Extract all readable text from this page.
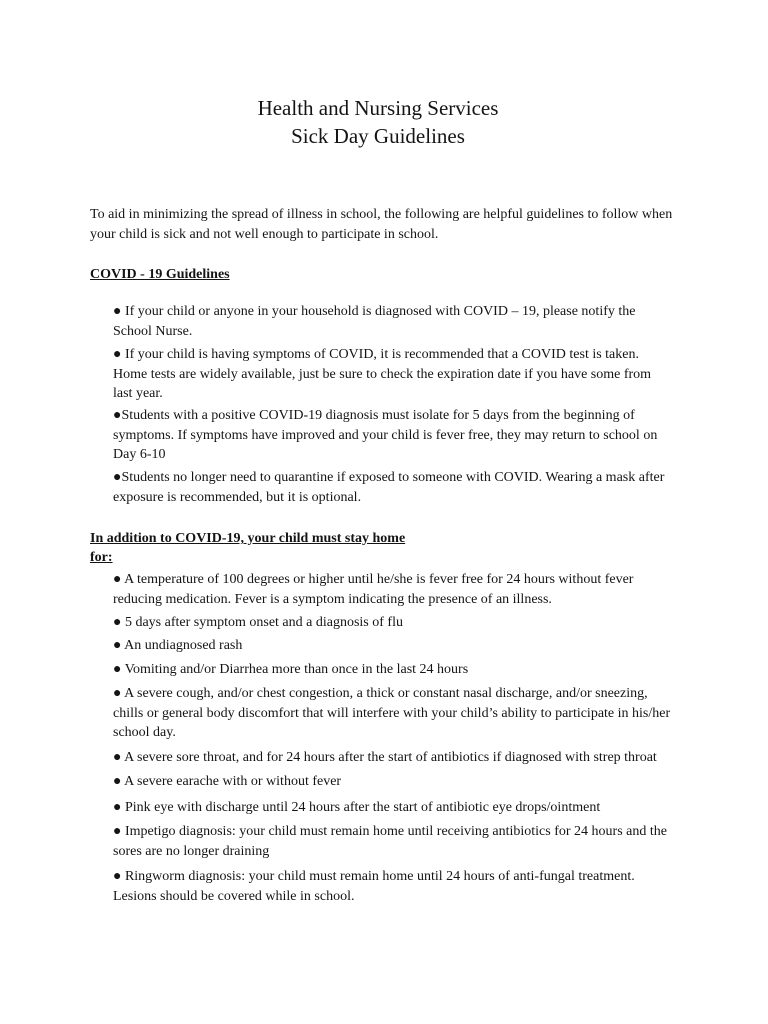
Health and Nursing Services
Sick Day Guidelines

To aid in minimizing the spread of illness in school, the following are helpful guidelines to follow when your child is sick and not well enough to participate in school.

COVID - 19 Guidelines

● If your child or anyone in your household is diagnosed with COVID – 19, please notify the School Nurse.

● If your child is having symptoms of COVID, it is recommended that a COVID test is taken. Home tests are widely available, just be sure to check the expiration date if you have some from last year.

●Students with a positive COVID-19 diagnosis must isolate for 5 days from the beginning of symptoms. If symptoms have improved and your child is fever free, they may return to school on Day 6-10

●Students no longer need to quarantine if exposed to someone with COVID. Wearing a mask after exposure is recommended, but it is optional.

In addition to COVID-19, your child must stay home

for:

● A temperature of 100 degrees or higher until he/she is fever free for 24 hours without fever reducing medication. Fever is a symptom indicating the presence of an illness.

● 5 days after symptom onset and a diagnosis of flu

● An undiagnosed rash

● Vomiting and/or Diarrhea more than once in the last 24 hours

● A severe cough, and/or chest congestion, a thick or constant nasal discharge, and/or sneezing, chills or general body discomfort that will interfere with your child’s ability to participate in his/her school day.

● A severe sore throat, and for 24 hours after the start of antibiotics if diagnosed with strep throat

● A severe earache with or without fever

● Pink eye with discharge until 24 hours after the start of antibiotic eye drops/ointment

● Impetigo diagnosis: your child must remain home until receiving antibiotics for 24 hours and the sores are no longer draining

● Ringworm diagnosis: your child must remain home until 24 hours of anti-fungal treatment. Lesions should be covered while in school.
